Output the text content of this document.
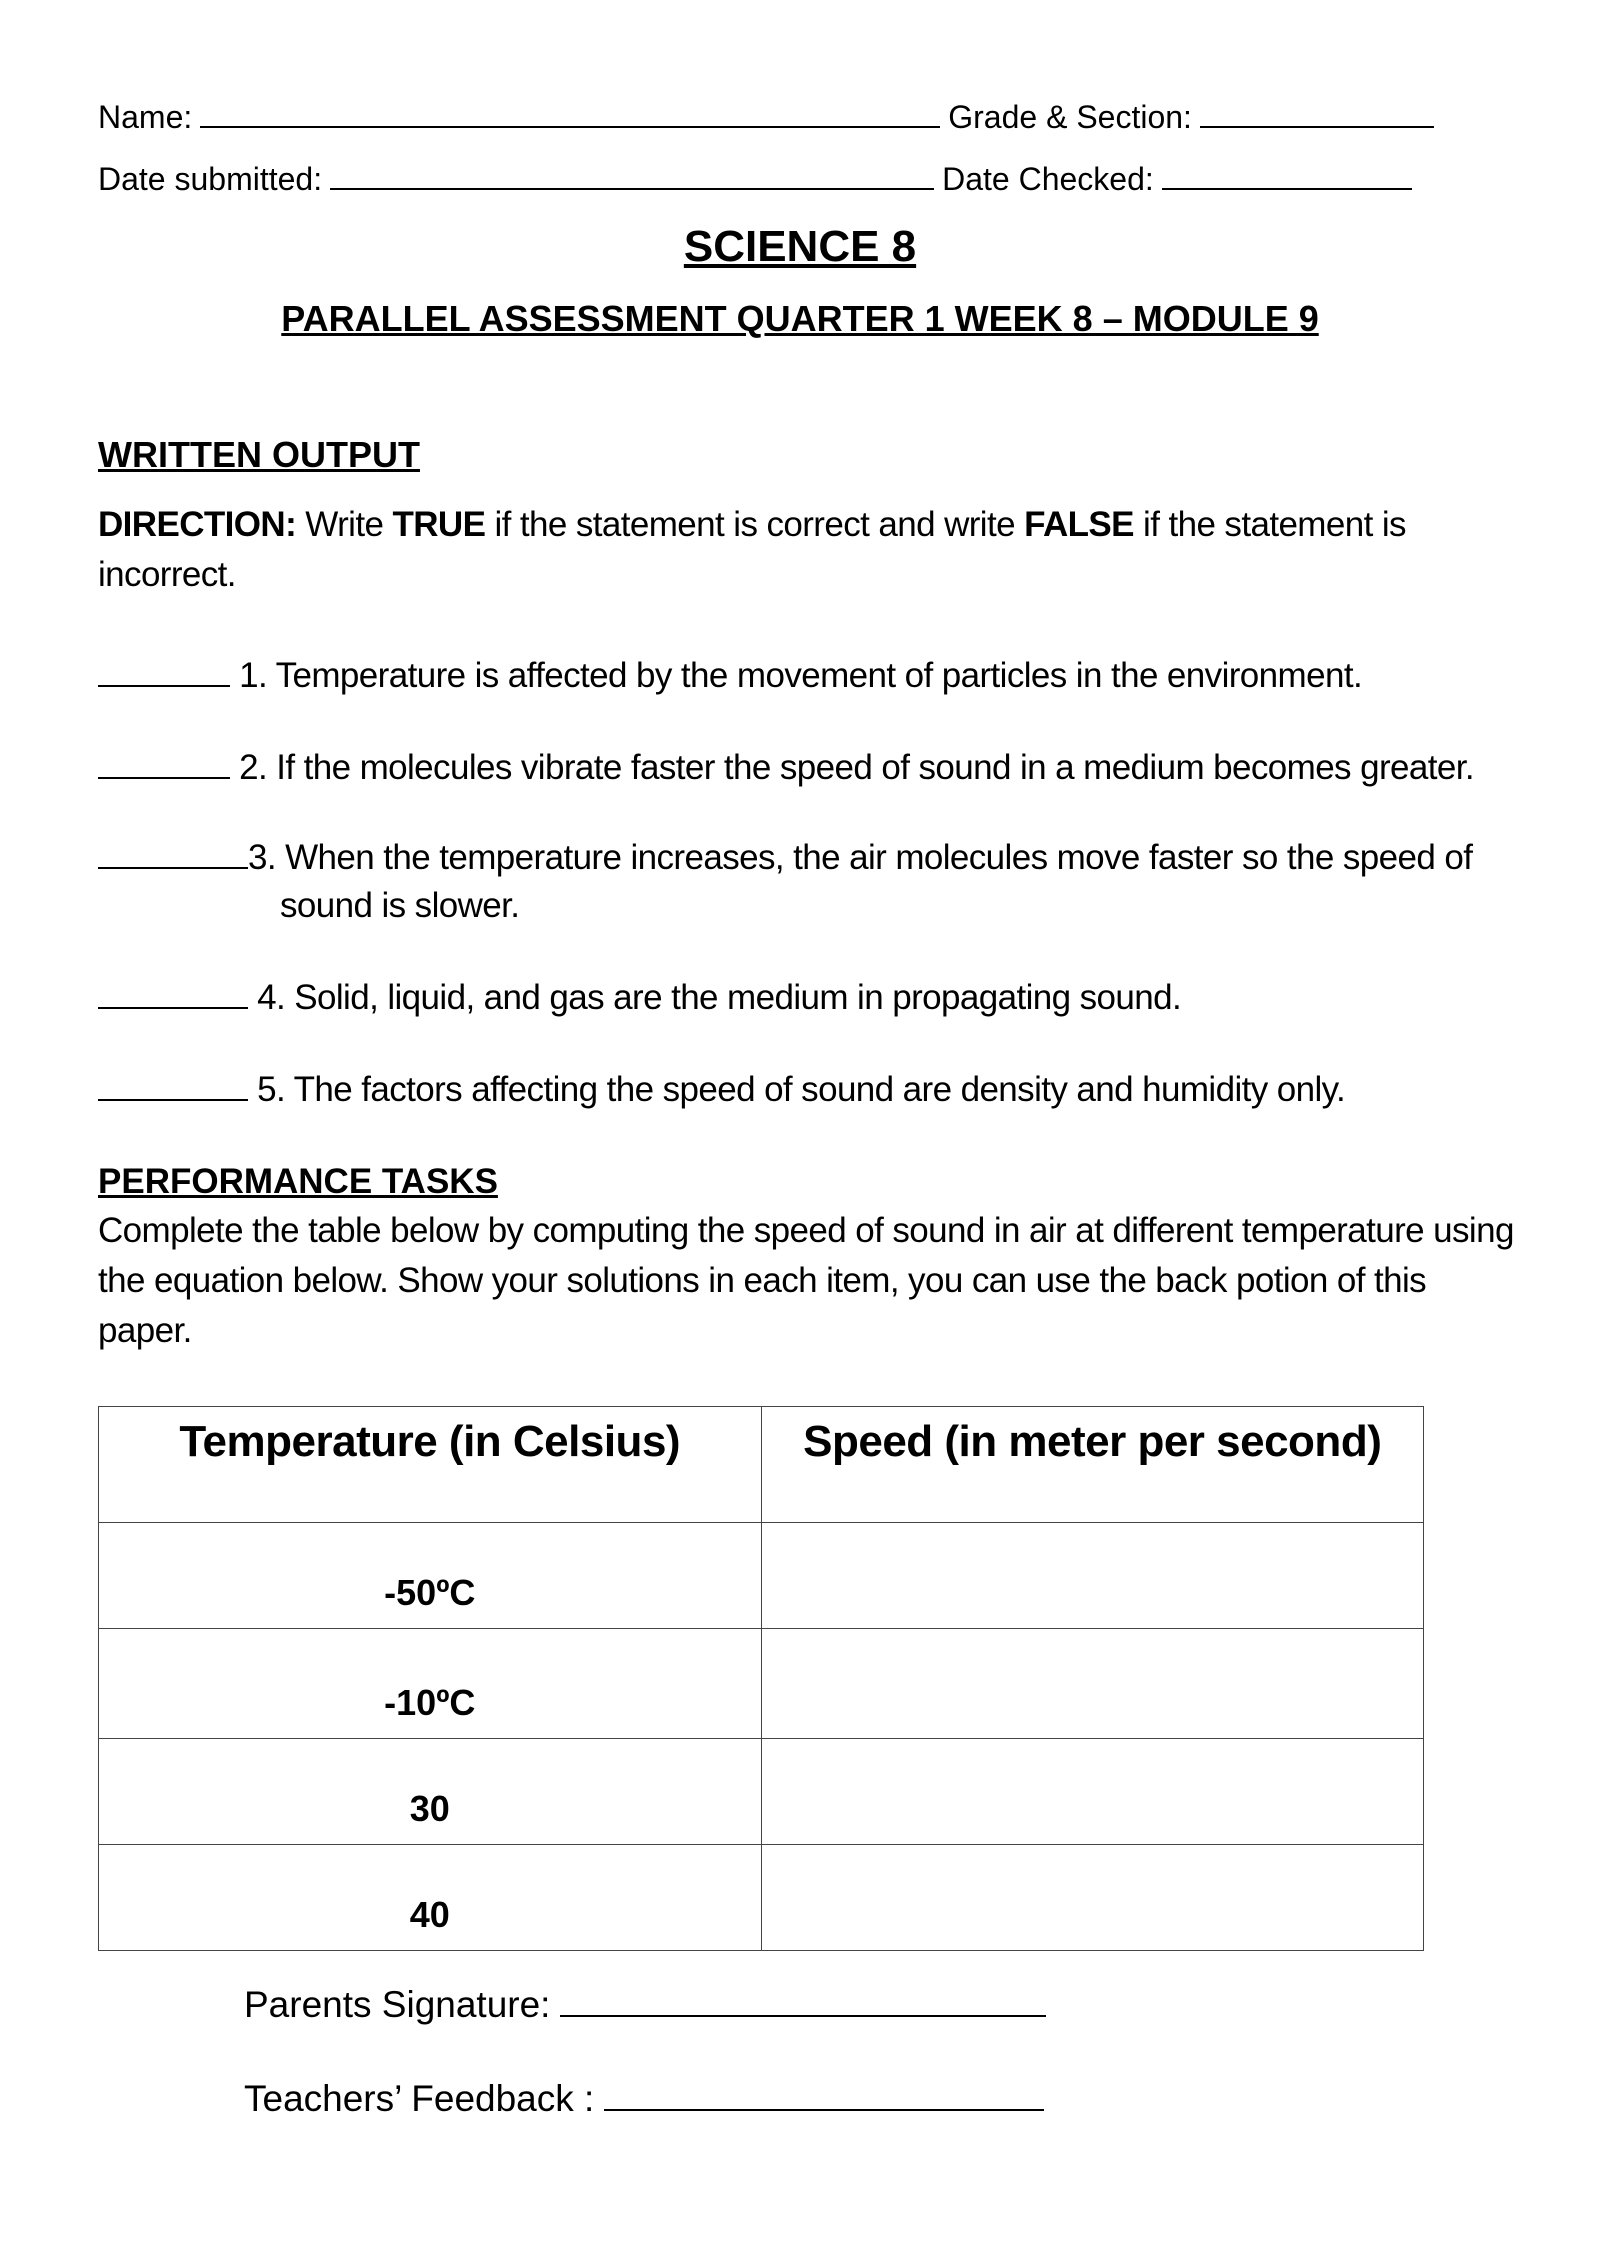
Name:	Grade & Section:
Date submitted:	Date Checked:
SCIENCE 8
PARALLEL ASSESSMENT QUARTER 1 WEEK 8 – MODULE 9
WRITTEN OUTPUT
DIRECTION: Write TRUE if the statement is correct and write FALSE if the statement is incorrect.
1. Temperature is affected by the movement of particles in the environment.
2. If the molecules vibrate faster the speed of sound in a medium becomes greater.
3. When the temperature increases, the air molecules move faster so the speed of
sound is slower.
4. Solid, liquid, and gas are the medium in propagating sound.
5. The factors affecting the speed of sound are density and humidity only.
PERFORMANCE TASKS
Complete the table below by computing the speed of sound in air at different temperature using the equation below. Show your solutions in each item, you can use the back potion of this paper.
Temperature (in Celsius)	Speed (in meter per second)
-50ºC	
-10ºC	
30	
40	
Parents Signature:
Teachers’ Feedback :
